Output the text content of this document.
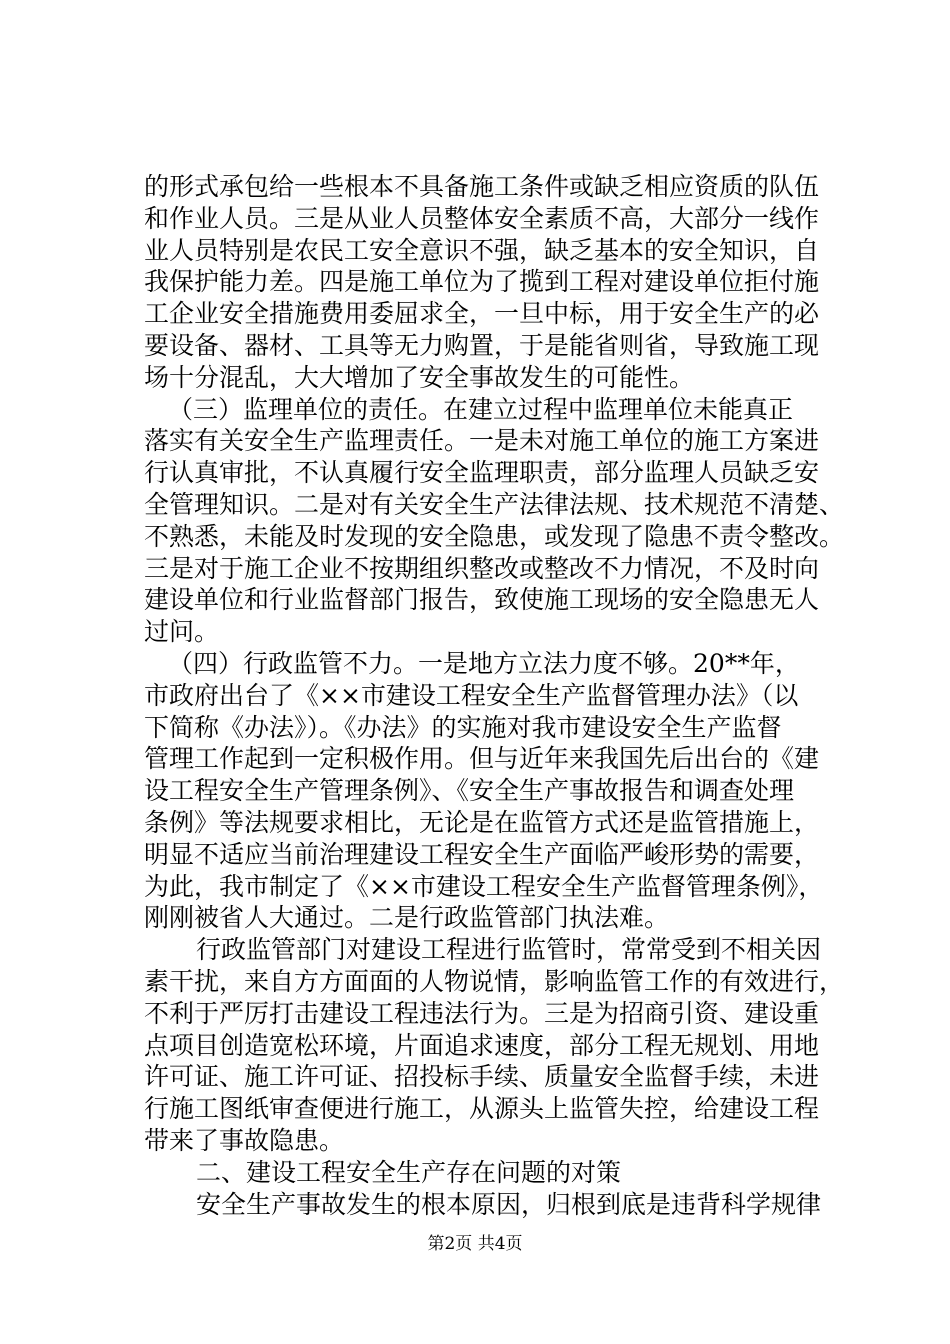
的形式承包给一些根本不具备施工条件或缺乏相应资质的队伍
和作业人员。三是从业人员整体安全素质不高，大部分一线作
业人员特别是农民工安全意识不强，缺乏基本的安全知识，自
我保护能力差。四是施工单位为了揽到工程对建设单位拒付施
工企业安全措施费用委屈求全，一旦中标，用于安全生产的必
要设备、器材、工具等无力购置，于是能省则省，导致施工现
场十分混乱，大大增加了安全事故发生的可能性。
（三）监理单位的责任。在建立过程中监理单位未能真正
落实有关安全生产监理责任。一是未对施工单位的施工方案进
行认真审批，不认真履行安全监理职责，部分监理人员缺乏安
全管理知识。二是对有关安全生产法律法规、技术规范不清楚、
不熟悉，未能及时发现的安全隐患，或发现了隐患不责令整改。
三是对于施工企业不按期组织整改或整改不力情况，不及时向
建设单位和行业监督部门报告，致使施工现场的安全隐患无人
过问。
（四）行政监管不力。一是地方立法力度不够。20**年，
市政府出台了《××市建设工程安全生产监督管理办法》（以
下简称《办法》）。《办法》的实施对我市建设安全生产监督
管理工作起到一定积极作用。但与近年来我国先后出台的《建
设工程安全生产管理条例》、《安全生产事故报告和调查处理
条例》等法规要求相比，无论是在监管方式还是监管措施上，
明显不适应当前治理建设工程安全生产面临严峻形势的需要，
为此，我市制定了《××市建设工程安全生产监督管理条例》，
刚刚被省人大通过。二是行政监管部门执法难。
行政监管部门对建设工程进行监管时，常常受到不相关因
素干扰，来自方方面面的人物说情，影响监管工作的有效进行，
不利于严厉打击建设工程违法行为。三是为招商引资、建设重
点项目创造宽松环境，片面追求速度，部分工程无规划、用地
许可证、施工许可证、招投标手续、质量安全监督手续，未进
行施工图纸审查便进行施工，从源头上监管失控，给建设工程
带来了事故隐患。
二、建设工程安全生产存在问题的对策
安全生产事故发生的根本原因，归根到底是违背科学规律
第2页 共4页
